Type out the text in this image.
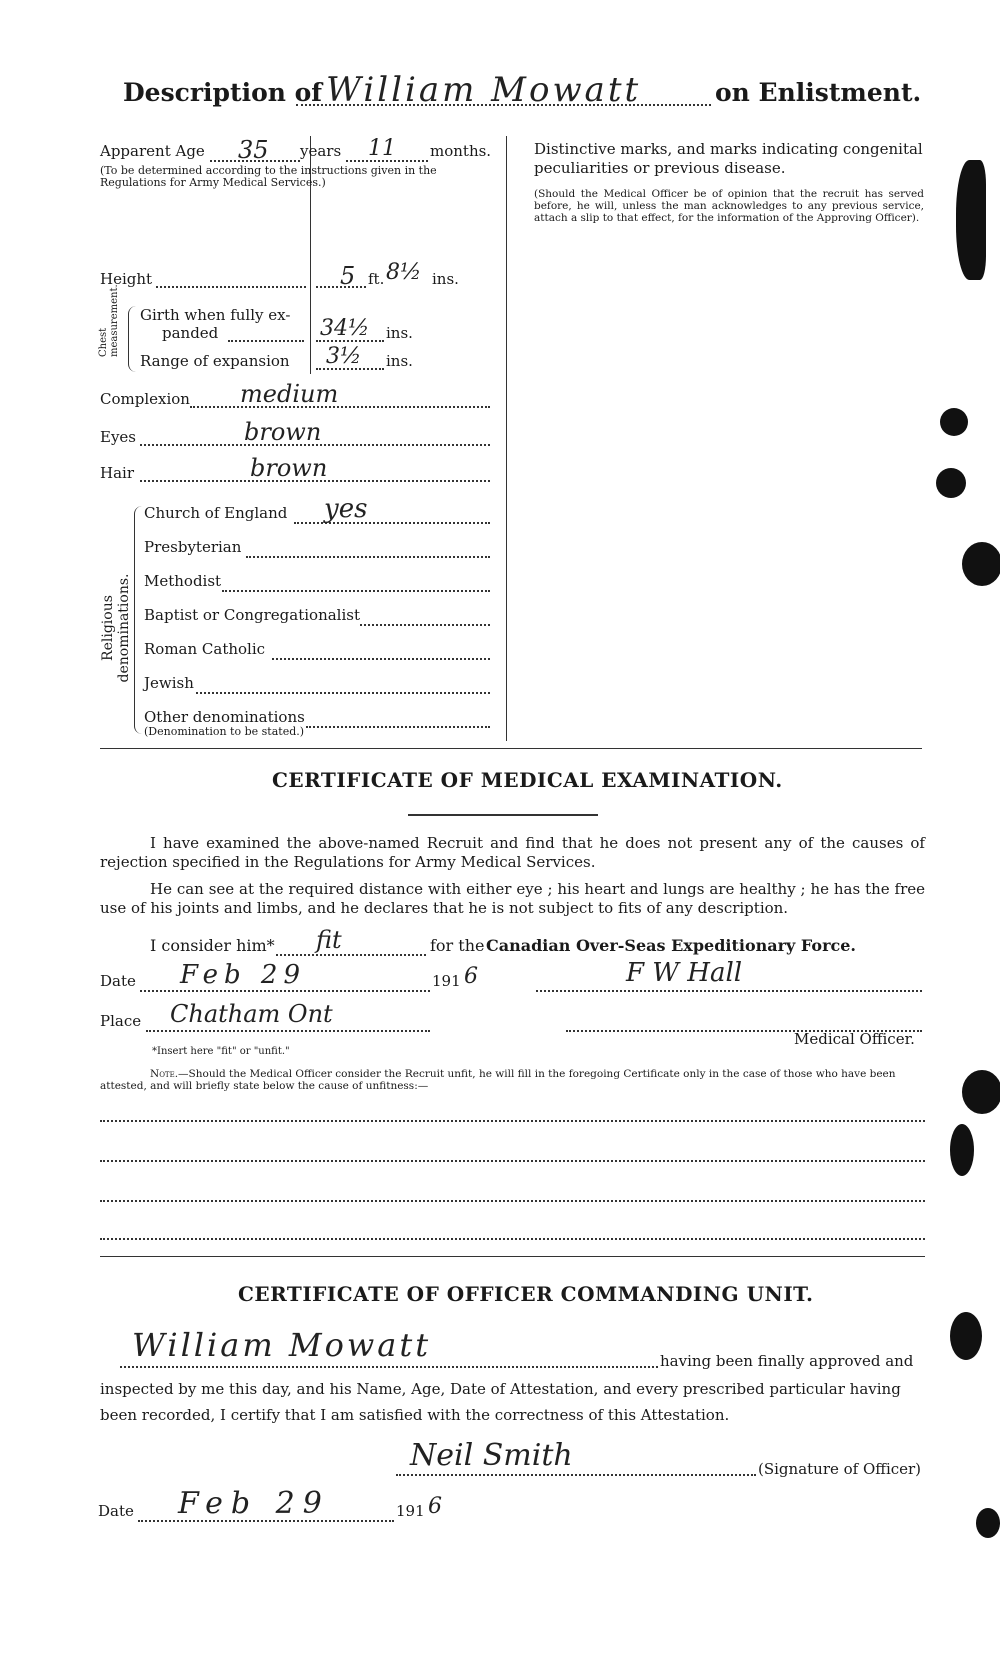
Description of William Mowatt	on Enlistment.
Apparent Age 35 years 11 months.
(To be determined according to the instructions given in the Regulations for Army Medical Services.)
Height	5 ft. 8½ ins.
Chest measurement. Girth when fully ex-
panded	34½ ins.
Range of expansion 3½ ins.
Complexion medium
Eyes	brown
Hair	brown
Religious denominations.
Church of England yes
Presbyterian
Methodist
Baptist or Congregationalist
Roman Catholic
Jewish
Other denominations
(Denomination to be stated.)
Distinctive marks, and marks indicating congenital peculiarities or previous disease.
(Should the Medical Officer be of opinion that the recruit has served before, he will, unless the man acknowledges to any previous service, attach a slip to that effect, for the information of the Approving Officer).
CERTIFICATE OF MEDICAL EXAMINATION.
I have examined the above-named Recruit and find that he does not present any of the causes of rejection specified in the Regulations for Army Medical Services.
He can see at the required distance with either eye ; his heart and lungs are healthy ; he has the free use of his joints and limbs, and he declares that he is not subject to fits of any description.
I consider him* fit	for the Canadian Over-Seas Expeditionary Force.
Date Feb 29	191 6	F W Hall
Place Chatham Ont
Medical Officer.
*Insert here "fit" or "unfit."
Note.—Should the Medical Officer consider the Recruit unfit, he will fill in the foregoing Certificate only in the case of those who have been attested, and will briefly state below the cause of unfitness:—
CERTIFICATE OF OFFICER COMMANDING UNIT.
William Mowatt	having been finally approved and
inspected by me this day, and his Name, Age, Date of Attestation, and every prescribed particular having
been recorded, I certify that I am satisfied with the correctness of this Attestation.
Neil Smith	(Signature of Officer)
Date Feb 29	191 6
